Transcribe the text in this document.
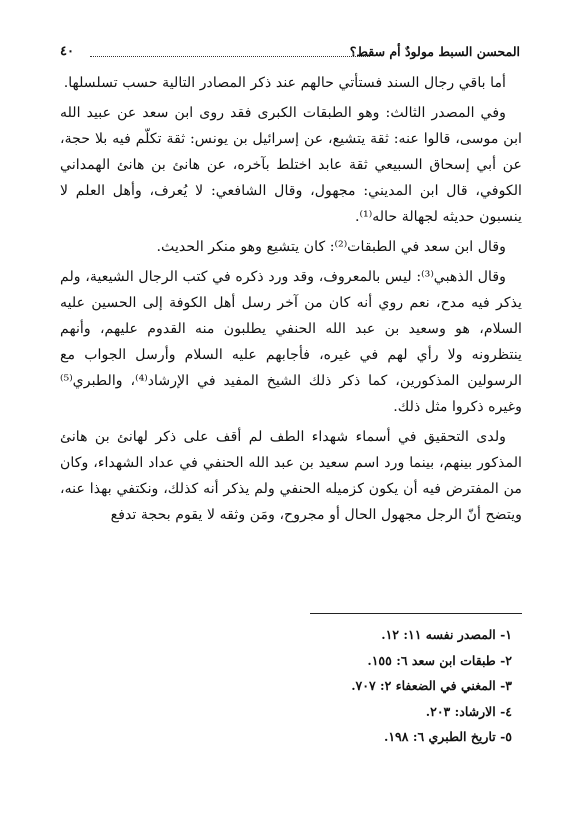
المحسن السبط مولودٌ أم سقط؟
٤٠

أما باقي رجال السند فستأتي حالهم عند ذكر المصادر التالية حسب تسلسلها.

وفي المصدر الثالث: وهو الطبقات الكبرى فقد روى ابن سعد عن عبيد الله ابن موسى، قالوا عنه: ثقة يتشيع، عن إسرائيل بن يونس: ثقة تكلّم فيه بلا حجة، عن أبي إسحاق السبيعي ثقة عابد اختلط بآخره، عن هانئ بن هانئ الهمداني الكوفي، قال ابن المديني: مجهول، وقال الشافعي: لا يُعرف، وأهل العلم لا ينسبون حديثه لجهالة حاله⁽¹⁾.

وقال ابن سعد في الطبقات⁽²⁾: كان يتشيع وهو منكر الحديث.

وقال الذهبي⁽³⁾: ليس بالمعروف، وقد ورد ذكره في كتب الرجال الشيعية، ولم يذكر فيه مدح، نعم روي أنه كان من آخر رسل أهل الكوفة إلى الحسين عليه السلام، هو وسعيد بن عبد الله الحنفي يطلبون منه القدوم عليهم، وأنهم ينتظرونه ولا رأي لهم في غيره، فأجابهم عليه السلام وأرسل الجواب مع الرسولين المذكورين، كما ذكر ذلك الشيخ المفيد في الإرشاد⁽⁴⁾، والطبري⁽⁵⁾ وغيره ذكروا مثل ذلك.

ولدى التحقيق في أسماء شهداء الطف لم أقف على ذكر لهانئ بن هانئ المذكور بينهم، بينما ورد اسم سعيد بن عبد الله الحنفي في عداد الشهداء، وكان من المفترض فيه أن يكون كزميله الحنفي ولم يذكر أنه كذلك، ونكتفي بهذا عنه، ويتضح أنّ الرجل مجهول الحال أو مجروح، ومَن وثقه لا يقوم بحجة تدفع

١- المصدر نفسه ١١: ١٢.
٢- طبقات ابن سعد ٦: ١٥٥.
٣- المغني في الضعفاء ٢: ٧٠٧.
٤- الارشاد: ٢٠٣.
٥- تاريخ الطبري ٦: ١٩٨.
